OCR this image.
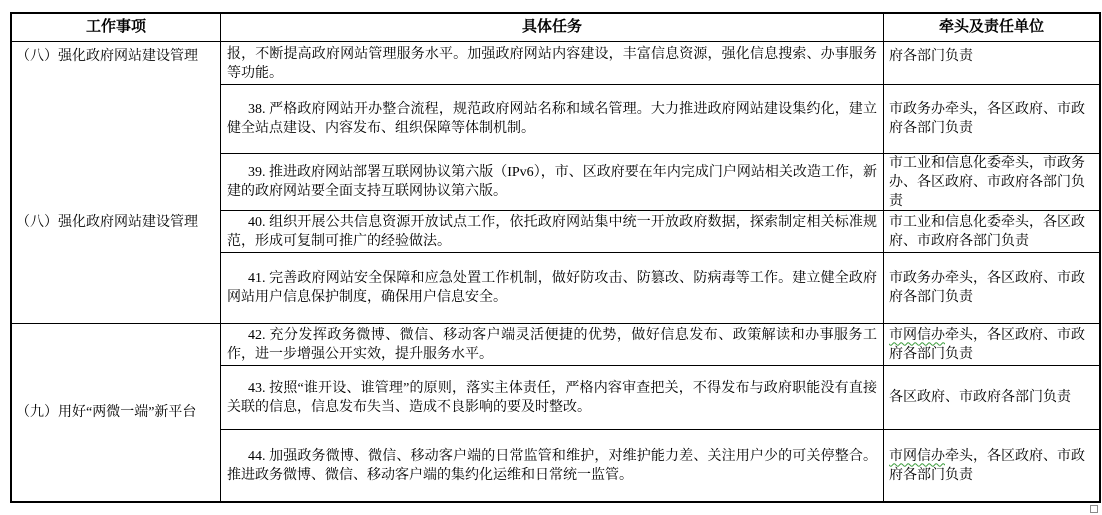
工作事项	具体任务	牵头及责任单位
（八）强化政府网站建设管理
（八）强化政府网站建设管理
（九）用好“两微一端”新平台

报，不断提高政府网站管理服务水平。加强政府网站内容建设，丰富信息资源，强化信息搜索、办事服务等功能。

府各部门负责

38. 严格政府网站开办整合流程，规范政府网站名称和域名管理。大力推进政府网站建设集约化，建立健全站点建设、内容发布、组织保障等体制机制。

市政务办牵头，各区政府、市政府各部门负责

39. 推进政府网站部署互联网协议第六版（IPv6），市、区政府要在年内完成门户网站相关改造工作，新建的政府网站要全面支持互联网协议第六版。

市工业和信息化委牵头，市政务办、各区政府、市政府各部门负责

40. 组织开展公共信息资源开放试点工作，依托政府网站集中统一开放政府数据，探索制定相关标准规范，形成可复制可推广的经验做法。

市工业和信息化委牵头，各区政府、市政府各部门负责

41. 完善政府网站安全保障和应急处置工作机制，做好防攻击、防篡改、防病毒等工作。建立健全政府网站用户信息保护制度，确保用户信息安全。

市政务办牵头，各区政府、市政府各部门负责

42. 充分发挥政务微博、微信、移动客户端灵活便捷的优势，做好信息发布、政策解读和办事服务工作，进一步增强公开实效，提升服务水平。

市网信办牵头，各区政府、市政府各部门负责

43. 按照“谁开设、谁管理”的原则，落实主体责任，严格内容审查把关，不得发布与政府职能没有直接关联的信息，信息发布失当、造成不良影响的要及时整改。

各区政府、市政府各部门负责

44. 加强政务微博、微信、移动客户端的日常监管和维护，对维护能力差、关注用户少的可关停整合。推进政务微博、微信、移动客户端的集约化运维和日常统一监管。

市网信办牵头，各区政府、市政府各部门负责
